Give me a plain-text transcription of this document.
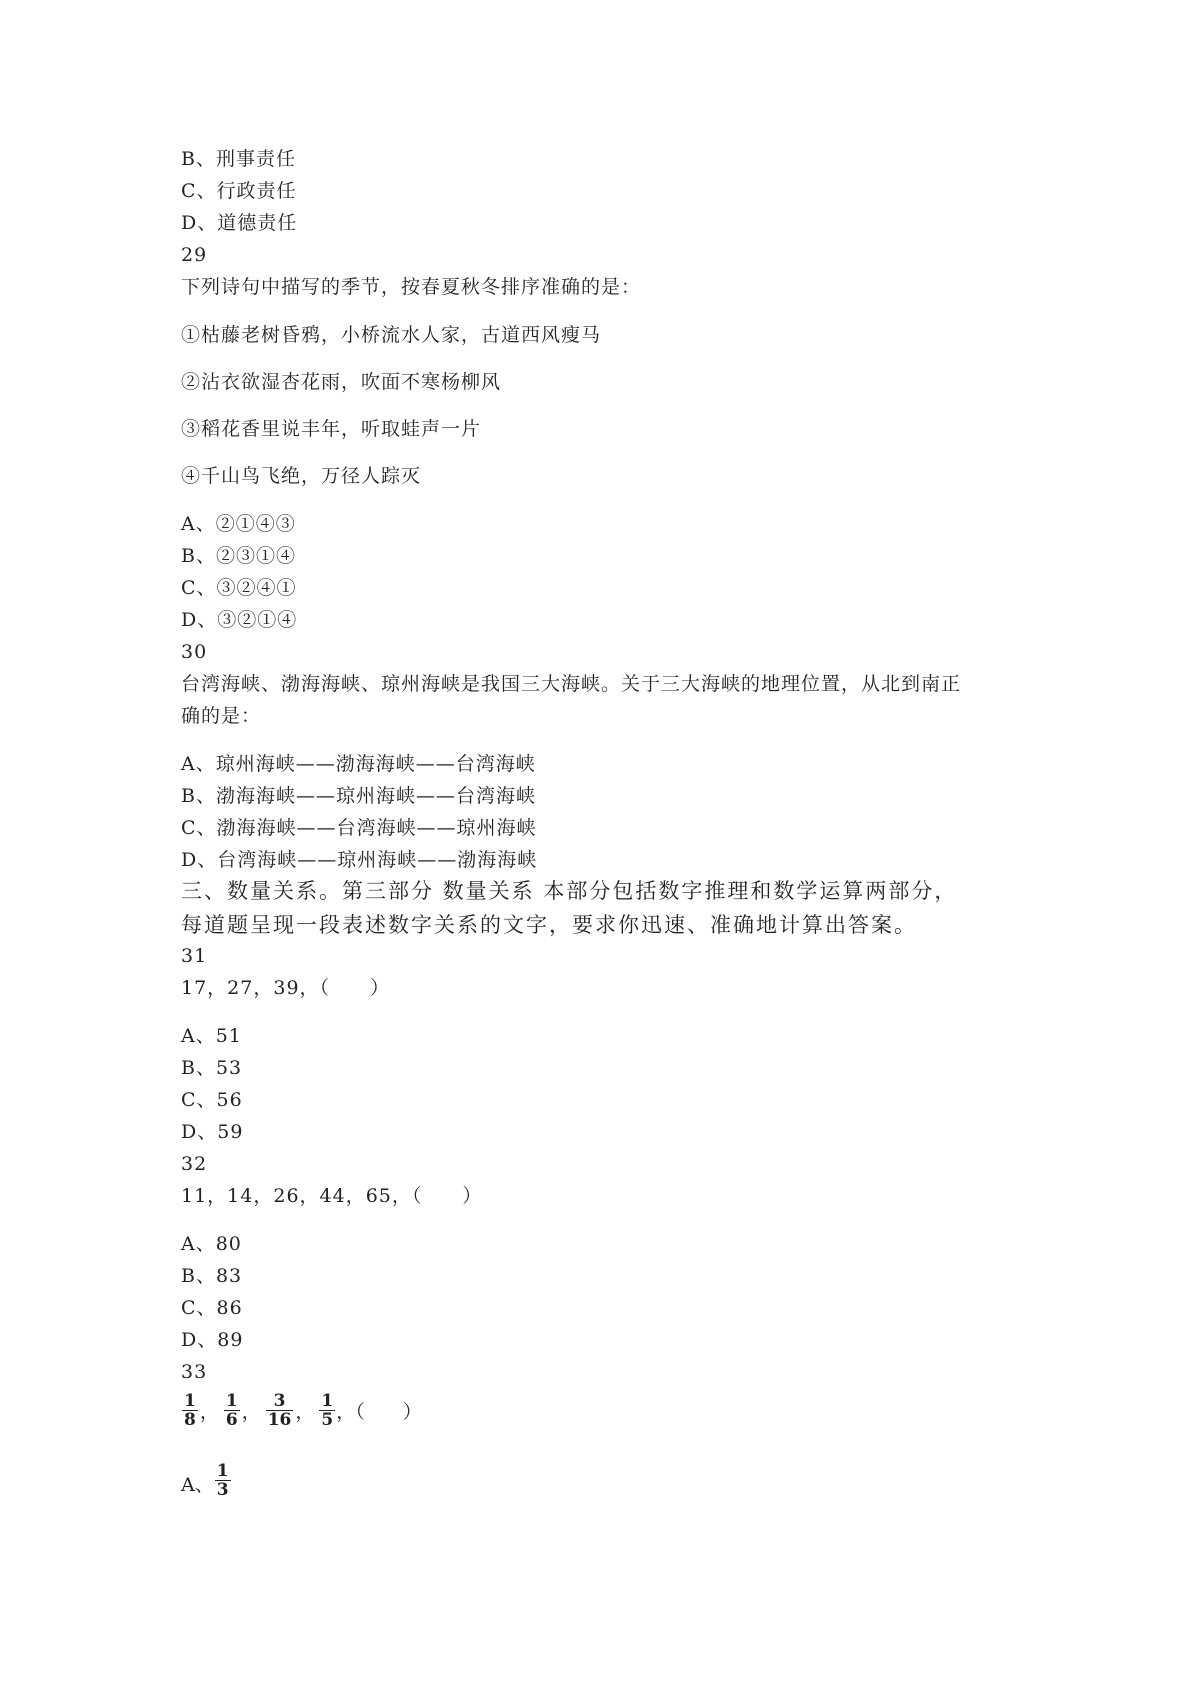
B、刑事责任
C、行政责任
D、道德责任
29
下列诗句中描写的季节，按春夏秋冬排序准确的是：
①枯藤老树昏鸦，小桥流水人家，古道西风瘦马
②沾衣欲湿杏花雨，吹面不寒杨柳风
③稻花香里说丰年，听取蛙声一片
④千山鸟飞绝，万径人踪灭
A、②①④③
B、②③①④
C、③②④①
D、③②①④
30
台湾海峡、渤海海峡、琼州海峡是我国三大海峡。关于三大海峡的地理位置，从北到南正
确的是：
A、琼州海峡——渤海海峡——台湾海峡
B、渤海海峡——琼州海峡——台湾海峡
C、渤海海峡——台湾海峡——琼州海峡
D、台湾海峡——琼州海峡——渤海海峡
三、数量关系。第三部分 数量关系 本部分包括数字推理和数学运算两部分，
每道题呈现一段表述数字关系的文字，要求你迅速、准确地计算出答案。
31
17，27，39，（　　）
A、51
B、53
C、56
D、59
32
11，14，26，44，65，（　　）
A、80
B、83
C、86
D、89
33
$\frac{1}{8}$ ， $\frac{1}{6}$ ， $\frac{3}{16}$ ， $\frac{1}{5}$ ，（　　）
A、 $\frac{1}{3}$
